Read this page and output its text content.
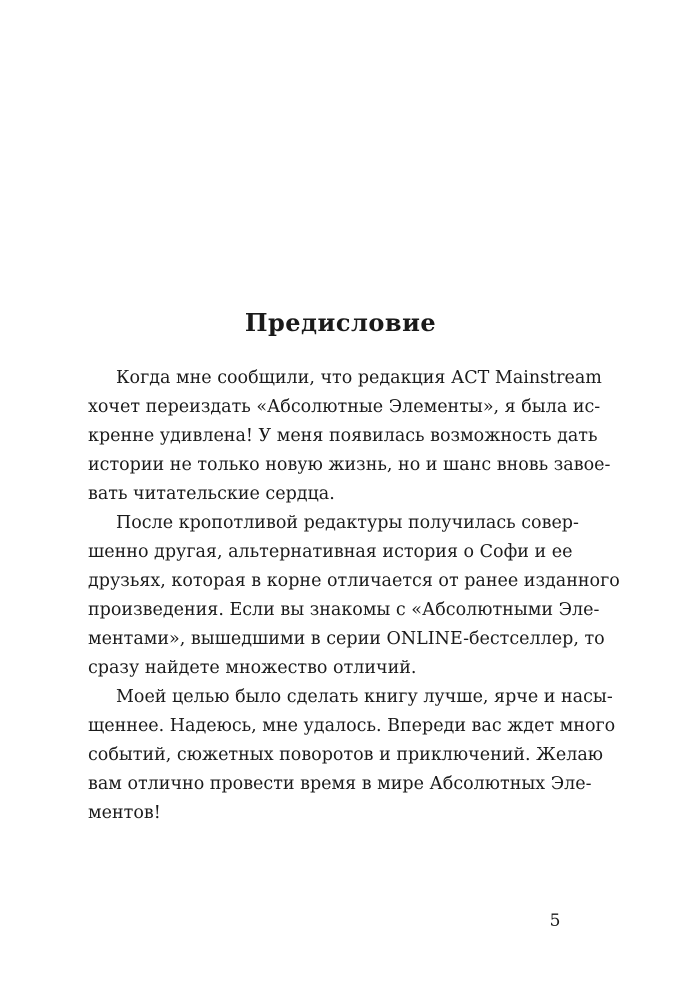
Предисловие
Когда мне сообщили, что редакция АСТ Mainstream
хочет переиздать «Абсолютные Элементы», я была ис-
кренне удивлена! У меня появилась возможность дать
истории не только новую жизнь, но и шанс вновь завое-
вать читательские сердца.
После кропотливой редактуры получилась совер-
шенно другая, альтернативная история о Софи и ее
друзьях, которая в корне отличается от ранее изданного
произведения. Если вы знакомы с «Абсолютными Эле-
ментами», вышедшими в серии ONLINE-бестселлер, то
сразу найдете множество отличий.
Моей целью было сделать книгу лучше, ярче и насы-
щеннее. Надеюсь, мне удалось. Впереди вас ждет много
событий, сюжетных поворотов и приключений. Желаю
вам отлично провести время в мире Абсолютных Эле-
ментов!
5
